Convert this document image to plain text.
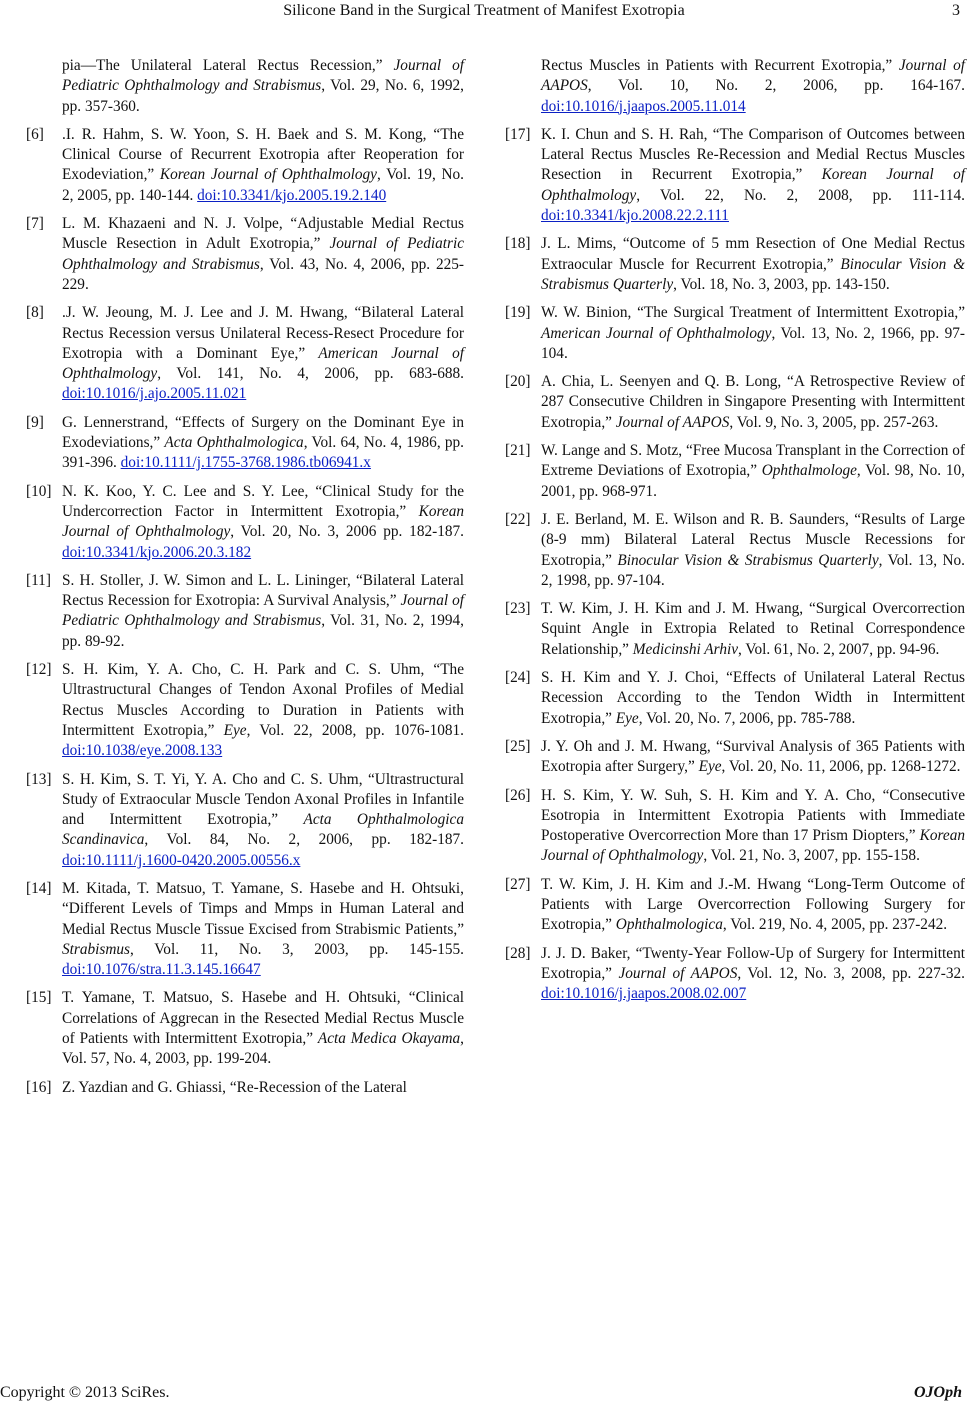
Silicone Band in the Surgical Treatment of Manifest Exotropia	3
pia—The Unilateral Lateral Rectus Recession,” Journal of Pediatric Ophthalmology and Strabismus, Vol. 29, No. 6, 1992, pp. 357-360.
[6]	.I. R. Hahm, S. W. Yoon, S. H. Baek and S. M. Kong, “The Clinical Course of Recurrent Exotropia after Reoperation for Exodeviation,” Korean Journal of Ophthalmology, Vol. 19, No. 2, 2005, pp. 140-144. doi:10.3341/kjo.2005.19.2.140
[7]	L. M. Khazaeni and N. J. Volpe, “Adjustable Medial Rectus Muscle Resection in Adult Exotropia,” Journal of Pediatric Ophthalmology and Strabismus, Vol. 43, No. 4, 2006, pp. 225-229.
[8]	.J. W. Jeoung, M. J. Lee and J. M. Hwang, “Bilateral Lateral Rectus Recession versus Unilateral Recess-Resect Procedure for Exotropia with a Dominant Eye,” American Journal of Ophthalmology, Vol. 141, No. 4, 2006, pp. 683-688. doi:10.1016/j.ajo.2005.11.021
[9]	G. Lennerstrand, “Effects of Surgery on the Dominant Eye in Exodeviations,” Acta Ophthalmologica, Vol. 64, No. 4, 1986, pp. 391-396. doi:10.1111/j.1755-3768.1986.tb06941.x
[10] N. K. Koo, Y. C. Lee and S. Y. Lee, “Clinical Study for the Undercorrection Factor in Intermittent Exotropia,” Korean Journal of Ophthalmology, Vol. 20, No. 3, 2006 pp. 182-187. doi:10.3341/kjo.2006.20.3.182
[11] S. H. Stoller, J. W. Simon and L. L. Lininger, “Bilateral Lateral Rectus Recession for Exotropia: A Survival Analysis,” Journal of Pediatric Ophthalmology and Strabismus, Vol. 31, No. 2, 1994, pp. 89-92.
[12] S. H. Kim, Y. A. Cho, C. H. Park and C. S. Uhm, “The Ultrastructural Changes of Tendon Axonal Profiles of Medial Rectus Muscles According to Duration in Patients with Intermittent Exotropia,” Eye, Vol. 22, 2008, pp. 1076-1081. doi:10.1038/eye.2008.133
[13] S. H. Kim, S. T. Yi, Y. A. Cho and C. S. Uhm, “Ultrastructural Study of Extraocular Muscle Tendon Axonal Profiles in Infantile and Intermittent Exotropia,” Acta Ophthalmologica Scandinavica, Vol. 84, No. 2, 2006, pp. 182-187. doi:10.1111/j.1600-0420.2005.00556.x
[14] M. Kitada, T. Matsuo, T. Yamane, S. Hasebe and H. Ohtsuki, “Different Levels of Timps and Mmps in Human Lateral and Medial Rectus Muscle Tissue Excised from Strabismic Patients,” Strabismus, Vol. 11, No. 3, 2003, pp. 145-155. doi:10.1076/stra.11.3.145.16647
[15] T. Yamane, T. Matsuo, S. Hasebe and H. Ohtsuki, “Clinical Correlations of Aggrecan in the Resected Medial Rectus Muscle of Patients with Intermittent Exotropia,” Acta Medica Okayama, Vol. 57, No. 4, 2003, pp. 199-204.
[16] Z. Yazdian and G. Ghiassi, “Re-Recession of the Lateral
Rectus Muscles in Patients with Recurrent Exotropia,” Journal of AAPOS, Vol. 10, No. 2, 2006, pp. 164-167. doi:10.1016/j.jaapos.2005.11.014
[17] K. I. Chun and S. H. Rah, “The Comparison of Outcomes between Lateral Rectus Muscles Re-Recession and Medial Rectus Muscles Resection in Recurrent Exotropia,” Korean Journal of Ophthalmology, Vol. 22, No. 2, 2008, pp. 111-114. doi:10.3341/kjo.2008.22.2.111
[18] J. L. Mims, “Outcome of 5 mm Resection of One Medial Rectus Extraocular Muscle for Recurrent Exotropia,” Binocular Vision & Strabismus Quarterly, Vol. 18, No. 3, 2003, pp. 143-150.
[19] W. W. Binion, “The Surgical Treatment of Intermittent Exotropia,” American Journal of Ophthalmology, Vol. 13, No. 2, 1966, pp. 97-104.
[20] A. Chia, L. Seenyen and Q. B. Long, “A Retrospective Review of 287 Consecutive Children in Singapore Presenting with Intermittent Exotropia,” Journal of AAPOS, Vol. 9, No. 3, 2005, pp. 257-263.
[21] W. Lange and S. Motz, “Free Mucosa Transplant in the Correction of Extreme Deviations of Exotropia,” Ophthalmologe, Vol. 98, No. 10, 2001, pp. 968-971.
[22] J. E. Berland, M. E. Wilson and R. B. Saunders, “Results of Large (8-9 mm) Bilateral Lateral Rectus Muscle Recessions for Exotropia,” Binocular Vision & Strabismus Quarterly, Vol. 13, No. 2, 1998, pp. 97-104.
[23] T. W. Kim, J. H. Kim and J. M. Hwang, “Surgical Overcorrection Squint Angle in Extropia Related to Retinal Correspondence Relationship,” Medicinshi Arhiv, Vol. 61, No. 2, 2007, pp. 94-96.
[24] S. H. Kim and Y. J. Choi, “Effects of Unilateral Lateral Rectus Recession According to the Tendon Width in Intermittent Exotropia,” Eye, Vol. 20, No. 7, 2006, pp. 785-788.
[25] J. Y. Oh and J. M. Hwang, “Survival Analysis of 365 Patients with Exotropia after Surgery,” Eye, Vol. 20, No. 11, 2006, pp. 1268-1272.
[26] H. S. Kim, Y. W. Suh, S. H. Kim and Y. A. Cho, “Consecutive Esotropia in Intermittent Exotropia Patients with Immediate Postoperative Overcorrection More than 17 Prism Diopters,” Korean Journal of Ophthalmology, Vol. 21, No. 3, 2007, pp. 155-158.
[27] T. W. Kim, J. H. Kim and J.-M. Hwang “Long-Term Outcome of Patients with Large Overcorrection Following Surgery for Exotropia,” Ophthalmologica, Vol. 219, No. 4, 2005, pp. 237-242.
[28] J. J. D. Baker, “Twenty-Year Follow-Up of Surgery for Intermittent Exotropia,” Journal of AAPOS, Vol. 12, No. 3, 2008, pp. 227-32. doi:10.1016/j.jaapos.2008.02.007
Copyright © 2013 SciRes.	OJOph
